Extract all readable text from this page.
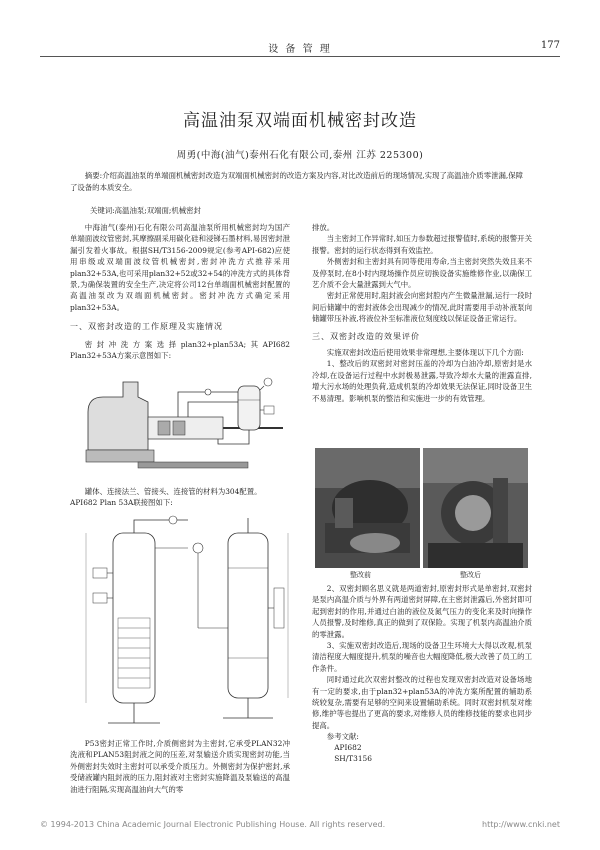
设 备 管 理	177
高温油泵双端面机械密封改造
周勇(中海(油气)泰州石化有限公司,泰州 江苏 225300)
摘要:介绍高温油泵的单端面机械密封改造为双端面机械密封的改造方案及内容,对比改造前后的现场情况,实现了高温油介质零泄漏,保障了设备的本质安全。
关键词:高温油泵;双端面;机械密封

中海油气(泰州)石化有限公司高温油泵所用机械密封均为国产单端面波纹管密封,其摩擦副采用碳化硅和浸锑石墨材料,易因密封泄漏引发着火事故。根据SH/T3156-2009规定(参考API-682)应使用串级或双端面波纹管机械密封,密封冲洗方式推荐采用plan32+53A,也可采用plan32+52或32+54的冲洗方式的具体背景,为确保装置的安全生产,决定将公司12台单端面机械密封配置的高温油泵改为双端面机械密封。密封冲洗方式确定采用plan32+53A。

一、双密封改造的工作原理及实施情况

密封冲洗方案选择plan32+plan53A;其API682 Plan32+53A方案示意图如下:

罐体、连接法兰、管接头、连接管的材料为304配置。

API682 Plan 53A联接图如下:

P53密封正常工作时,介质侧密封为主密封,它承受PLAN32冲洗液和PLAN53阻封液之间的压差,对泵输送介质实现密封功能,当外侧密封失效时主密封可以承受介质压力。外侧密封为保护密封,承受储液罐内阻封液的压力,阻封液对主密封实施降温及泵输送的高温油进行阻隔,实现高温油向大气的零

排放。

当主密封工作异常时,如压力参数超过报警值时,系统的报警开关报警。密封的运行状态得到有效监控。

外侧密封和主密封具有同等使用寿命,当主密封突然失效且来不及停泵时,在8小时内现场操作员应切换设备实施维修作业,以确保工艺介质不会大量泄露到大气中。

密封正常使用时,阻封液会向密封腔内产生微量泄漏,运行一段时间后储罐中的密封液体会出现减少的情况,此时需要用手动补液泵向储罐带压补液,将液位补至标准液位刻度线以保证设备正常运行。

三、双密封改造的效果评价

实施双密封改造后使用效果非常理想,主要体现以下几个方面:

1、整改后的双密封对密封压盖的冷却为白油冷却,原密封是水冷却,在设备运行过程中水封极易泄露,导致冷却水大量的泄露直排,增大污水场的处理负荷,造成机泵的冷却效果无法保证,同时设备卫生不易清理。影响机泵的整洁和实施进一步的有效管理。

整改前	整改后

2、双密封顾名思义就是两道密封,原密封形式是单密封,双密封是泵内高温介质与外界有两道密封屏障,在主密封泄露后,外密封即可起到密封的作用,并通过白油的液位及氮气压力的变化来及时向操作人员报警,及时维修,真正的做到了双保险。实现了机泵内高温油介质的零泄露。

3、实施双密封改造后,现场的设备卫生环境大大得以改观,机泵清洁程度大幅度提升,机泵的噪音也大幅度降低,极大改善了员工的工作条件。

同时通过此次双密封整改的过程也发现双密封改造对设备场地有一定的要求,由于plan32+plan53A的冲洗方案所配置的辅助系统较复杂,需要有足够的空间来设置辅助系统。同时双密封机泵对维修,维护等也提出了更高的要求,对维修人员的维修技能的要求也同步提高。

参考文献:
API682
SH/T3156
© 1994-2013 China Academic Journal Electronic Publishing House. All rights reserved.	http://www.cnki.net
